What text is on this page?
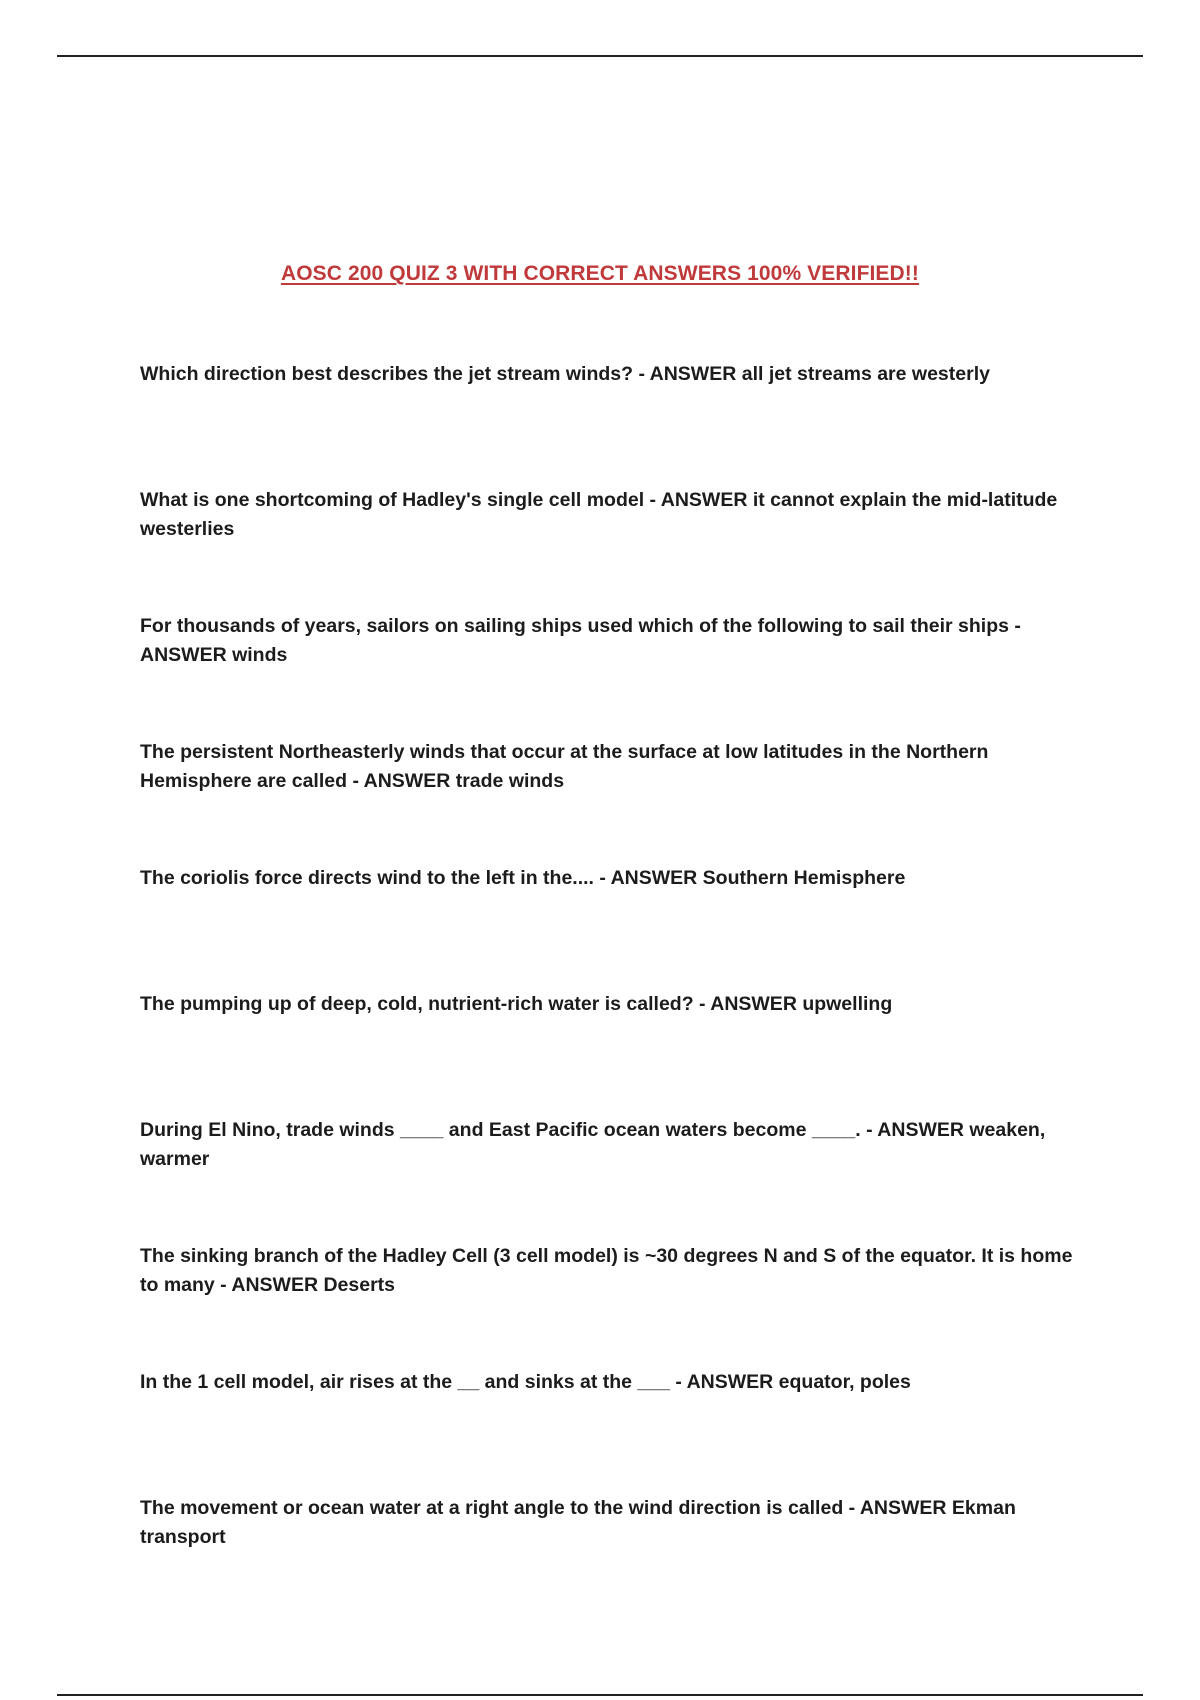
AOSC 200 QUIZ 3 WITH CORRECT ANSWERS 100% VERIFIED!!
Which direction best describes the jet stream winds? - ANSWER all jet streams are westerly
What is one shortcoming of Hadley's single cell model - ANSWER it cannot explain the mid-latitude westerlies
For thousands of years, sailors on sailing ships used which of the following to sail their ships - ANSWER winds
The persistent Northeasterly winds that occur at the surface at low latitudes in the Northern Hemisphere are called - ANSWER trade winds
The coriolis force directs wind to the left in the.... - ANSWER Southern Hemisphere
The pumping up of deep, cold, nutrient-rich water is called? - ANSWER upwelling
During El Nino, trade winds ____ and East Pacific ocean waters become ____. - ANSWER weaken, warmer
The sinking branch of the Hadley Cell (3 cell model) is ~30 degrees N and S of the equator. It is home to many - ANSWER Deserts
In the 1 cell model, air rises at the __ and sinks at the ___ - ANSWER equator, poles
The movement or ocean water at a right angle to the wind direction is called - ANSWER Ekman transport
